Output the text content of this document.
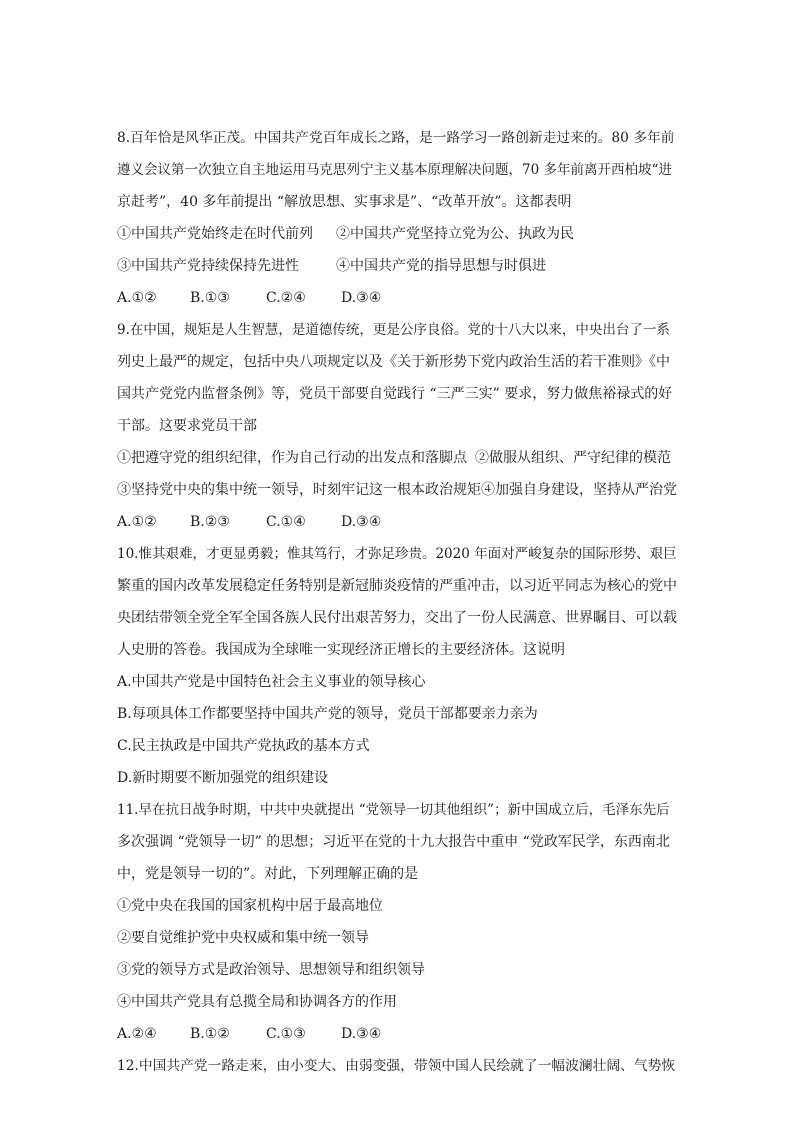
8.百年恰是风华正茂。中国共产党百年成长之路，是一路学习一路创新走过来的。80 多年前
遵义会议第一次独立自主地运用马克思列宁主义基本原理解决问题，70 多年前离开西柏坡“进
京赶考”，40 多年前提出 “解放思想、实事求是”、“改革开放”。这都表明
①中国共产党始终走在时代前列 ②中国共产党坚持立党为公、执政为民
③中国共产党持续保持先进性	④中国共产党的指导思想与时俱进
A.①② B.①③	C.②④	D.③④
9.在中国，规矩是人生智慧，是道德传统，更是公序良俗。党的十八大以来，中央出台了一系
列史上最严的规定，包括中央八项规定以及《关于新形势下党内政治生活的若干准则》《中
国共产党党内监督条例》等，党员干部要自觉践行 “三严三实” 要求，努力做焦裕禄式的好
干部。这要求党员干部
①把遵守党的组织纪律，作为自己行动的出发点和落脚点 ②做服从组织、严守纪律的模范
③坚持党中央的集中统一领导，时刻牢记这一根本政治规矩 ④加强自身建设，坚持从严治党
A.①② B.②③	C.①④	D.③④
10.惟其艰难，才更显勇毅；惟其笃行，才弥足珍贵。2020 年面对严峻复杂的国际形势、艰巨
繁重的国内改革发展稳定任务特别是新冠肺炎疫情的严重冲击，以习近平同志为核心的党中
央团结带领全党全军全国各族人民付出艰苦努力，交出了一份人民满意、世界瞩目、可以载
人史册的答卷。我国成为全球唯一实现经济正增长的主要经济体。这说明
A.中国共产党是中国特色社会主义事业的领导核心
B.每项具体工作都要坚持中国共产党的领导，党员干部都要亲力亲为
C.民主执政是中国共产党执政的基本方式
D.新时期要不断加强党的组织建设
11.早在抗日战争时期，中共中央就提出 “党领导一切其他组织”；新中国成立后，毛泽东先后
多次强调 “党领导一切” 的思想；习近平在党的十九大报告中重申 “党政军民学，东西南北
中，党是领导一切的”。对此，下列理解正确的是
①党中央在我国的国家机构中居于最高地位
②要自觉维护党中央权威和集中统一领导
③党的领导方式是政治领导、思想领导和组织领导
④中国共产党具有总揽全局和协调各方的作用
A.②④ B.①②	C.①③	D.③④
12.中国共产党一路走来，由小变大、由弱变强，带领中国人民绘就了一幅波澜壮阔、气势恢
